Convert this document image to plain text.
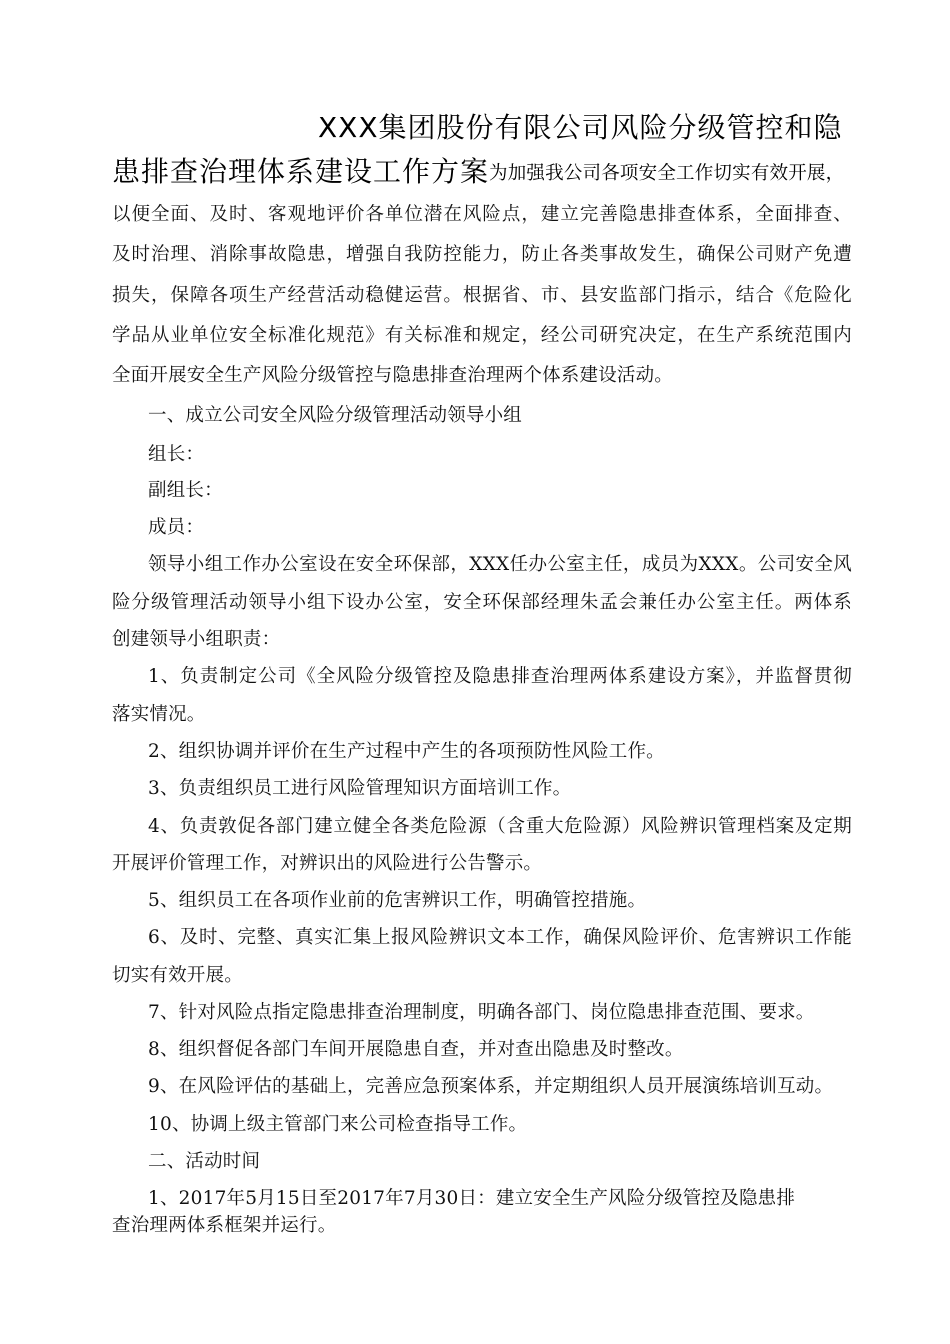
XXX集团股份有限公司风险分级管控和隐
患排查治理体系建设工作方案为加强我公司各项安全工作切实有效开展，
以便全面、及时、客观地评价各单位潜在风险点，建立完善隐患排查体系，全面排查、
及时治理、消除事故隐患，增强自我防控能力，防止各类事故发生，确保公司财产免遭
损失，保障各项生产经营活动稳健运营。根据省、市、县安监部门指示，结合《危险化
学品从业单位安全标准化规范》有关标准和规定，经公司研究决定，在生产系统范围内
全面开展安全生产风险分级管控与隐患排查治理两个体系建设活动。
一、成立公司安全风险分级管理活动领导小组
组长：
副组长：
成员：
领导小组工作办公室设在安全环保部，XXX任办公室主任，成员为XXX。公司安全风
险分级管理活动领导小组下设办公室，安全环保部经理朱孟会兼任办公室主任。两体系
创建领导小组职责：
1、负责制定公司《全风险分级管控及隐患排查治理两体系建设方案》，并监督贯彻
落实情况。
2、组织协调并评价在生产过程中产生的各项预防性风险工作。
3、负责组织员工进行风险管理知识方面培训工作。
4、负责敦促各部门建立健全各类危险源（含重大危险源）风险辨识管理档案及定期
开展评价管理工作，对辨识出的风险进行公告警示。
5、组织员工在各项作业前的危害辨识工作，明确管控措施。
6、及时、完整、真实汇集上报风险辨识文本工作，确保风险评价、危害辨识工作能
切实有效开展。
7、针对风险点指定隐患排查治理制度，明确各部门、岗位隐患排查范围、要求。
8、组织督促各部门车间开展隐患自查，并对查出隐患及时整改。
9、在风险评估的基础上，完善应急预案体系，并定期组织人员开展演练培训互动。
10、协调上级主管部门来公司检查指导工作。
二、活动时间
1、2017年5月15日至2017年7月30日：建立安全生产风险分级管控及隐患排
查治理两体系框架并运行。
